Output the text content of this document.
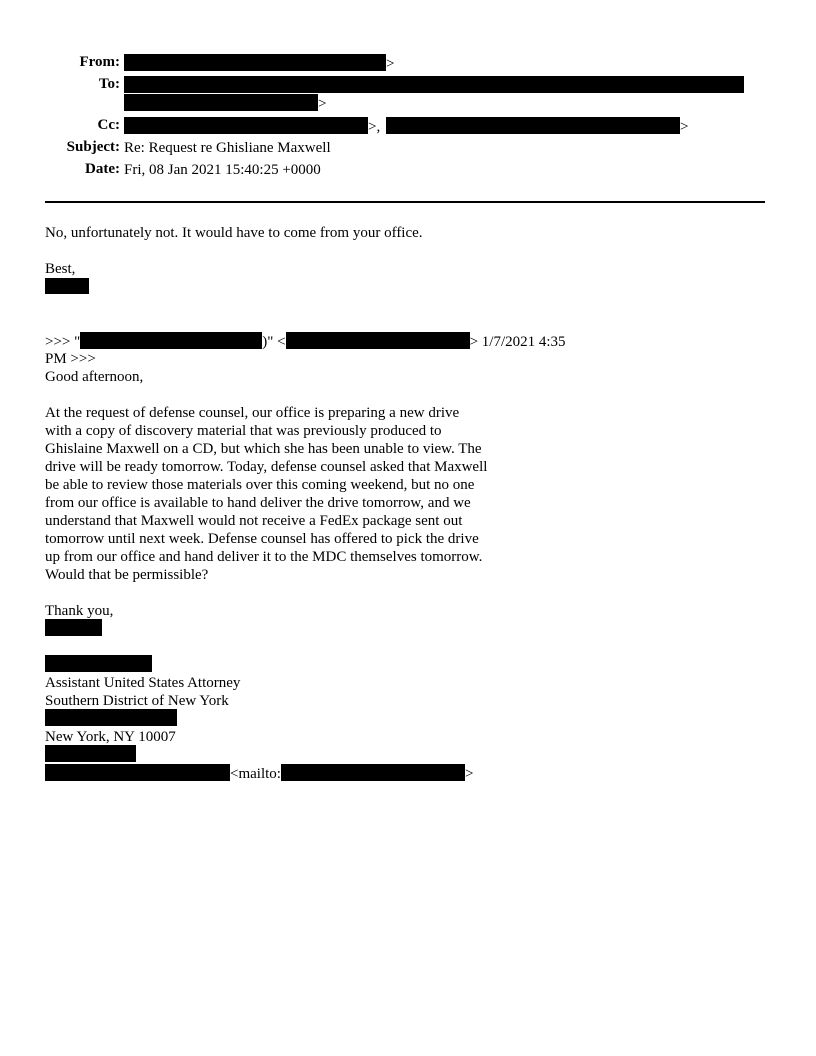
From:	>
To:
>
Cc:	>,	>
Subject: Re: Request re Ghisliane Maxwell
Date: Fri, 08 Jan 2021 15:40:25 +0000
No, unfortunately not. It would have to come from your office.
Best,
>>> "	)" <	> 1/7/2021 4:35
PM >>>
Good afternoon,
At the request of defense counsel, our office is preparing a new drive
with a copy of discovery material that was previously produced to
Ghislaine Maxwell on a CD, but which she has been unable to view. The
drive will be ready tomorrow. Today, defense counsel asked that Maxwell
be able to review those materials over this coming weekend, but no one
from our office is available to hand deliver the drive tomorrow, and we
understand that Maxwell would not receive a FedEx package sent out
tomorrow until next week. Defense counsel has offered to pick the drive
up from our office and hand deliver it to the MDC themselves tomorrow.
Would that be permissible?
Thank you,
Assistant United States Attorney
Southern District of New York
New York, NY 10007
<mailto:	>
